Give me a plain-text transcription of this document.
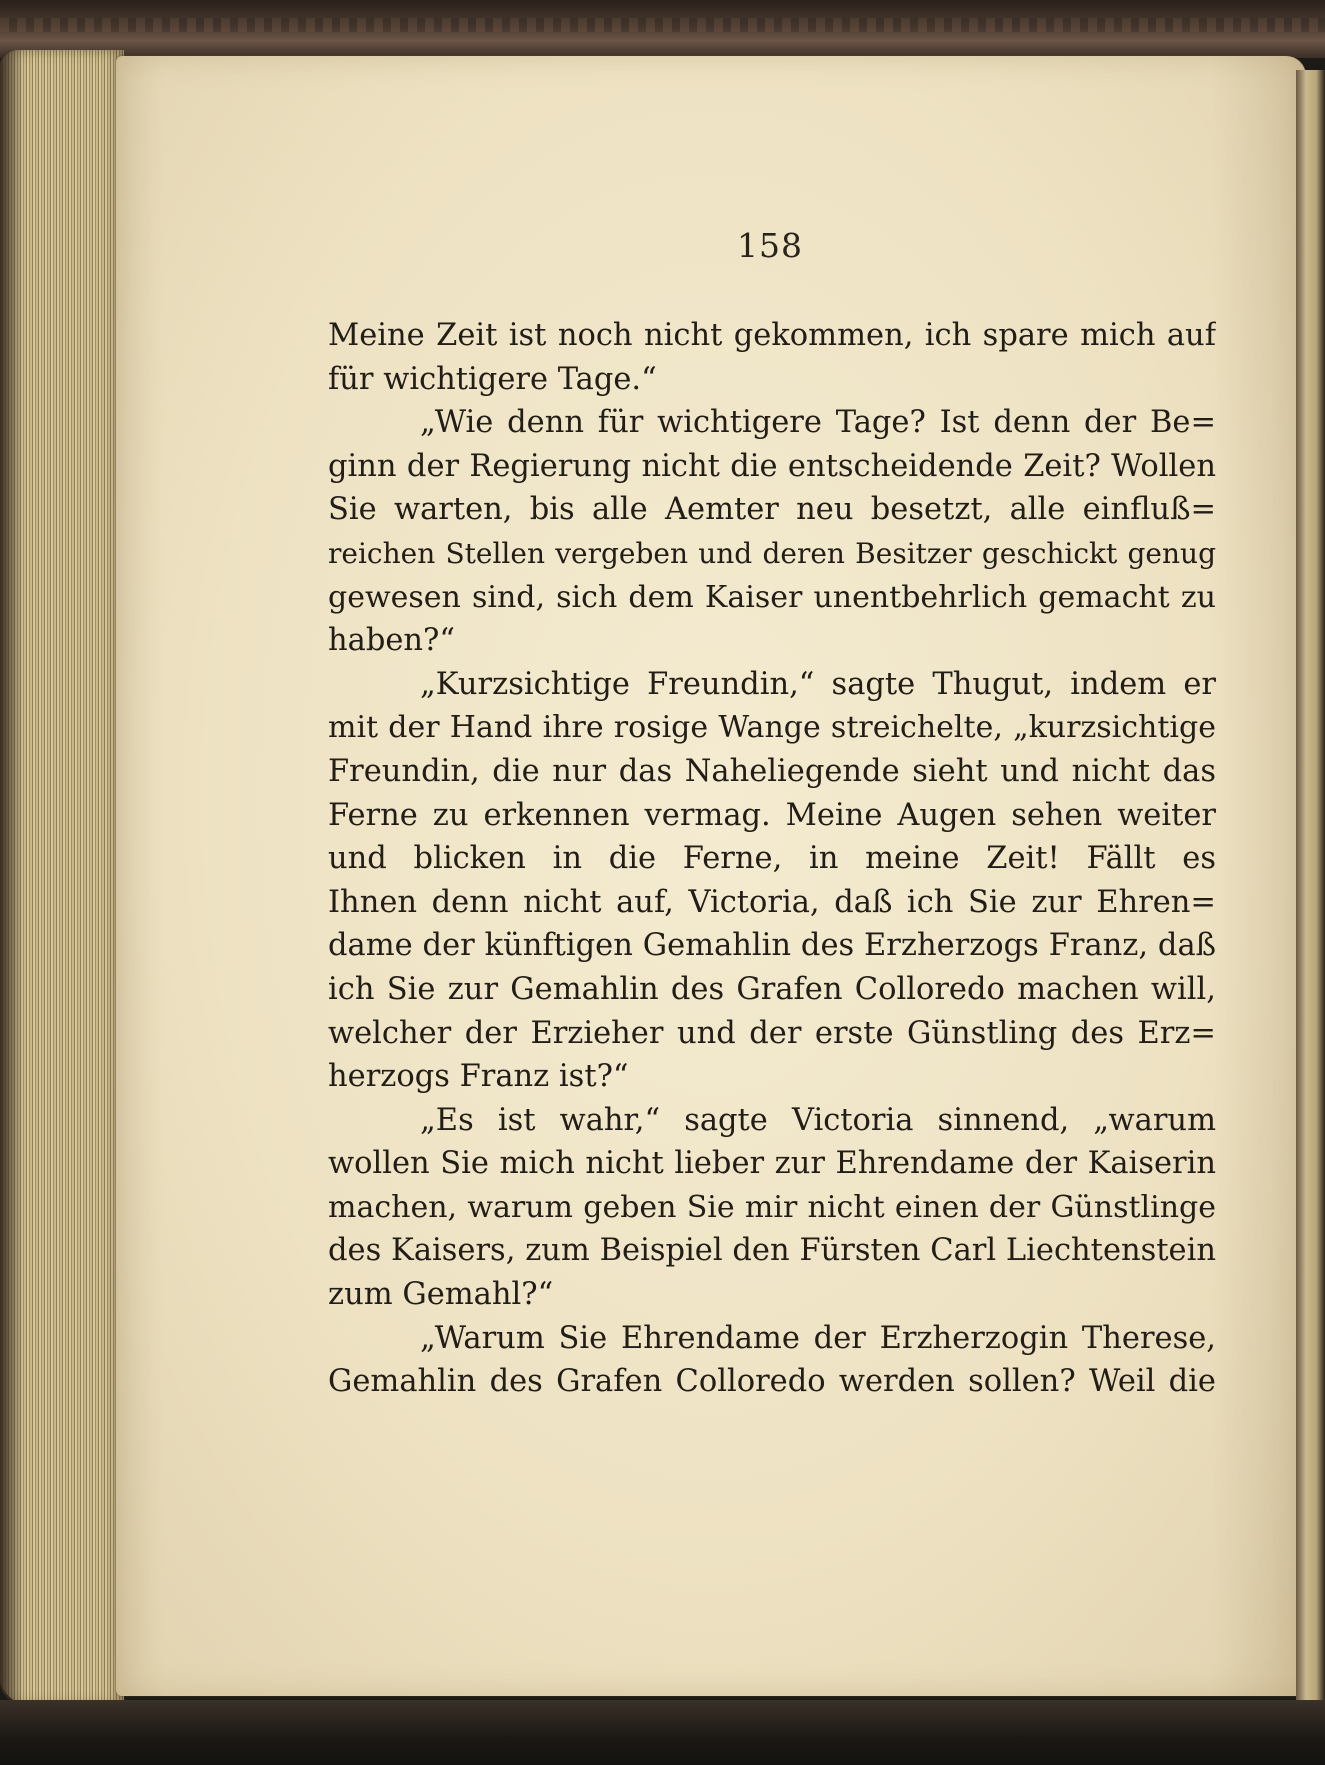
158
Meine Zeit ist noch nicht gekommen, ich spare mich auf
für wichtigere Tage.“
„Wie denn für wichtigere Tage? Ist denn der Be=
ginn der Regierung nicht die entscheidende Zeit? Wollen
Sie warten, bis alle Aemter neu besetzt, alle einfluß=
reichen Stellen vergeben und deren Besitzer geschickt genug
gewesen sind, sich dem Kaiser unentbehrlich gemacht zu
haben?“
„Kurzsichtige Freundin,“ sagte Thugut, indem er
mit der Hand ihre rosige Wange streichelte, „kurzsichtige
Freundin, die nur das Naheliegende sieht und nicht das
Ferne zu erkennen vermag. Meine Augen sehen weiter
und blicken in die Ferne, in meine Zeit! Fällt es
Ihnen denn nicht auf, Victoria, daß ich Sie zur Ehren=
dame der künftigen Gemahlin des Erzherzogs Franz, daß
ich Sie zur Gemahlin des Grafen Colloredo machen will,
welcher der Erzieher und der erste Günstling des Erz=
herzogs Franz ist?“
„Es ist wahr,“ sagte Victoria sinnend, „warum
wollen Sie mich nicht lieber zur Ehrendame der Kaiserin
machen, warum geben Sie mir nicht einen der Günstlinge
des Kaisers, zum Beispiel den Fürsten Carl Liechtenstein
zum Gemahl?“
„Warum Sie Ehrendame der Erzherzogin Therese,
Gemahlin des Grafen Colloredo werden sollen? Weil die
